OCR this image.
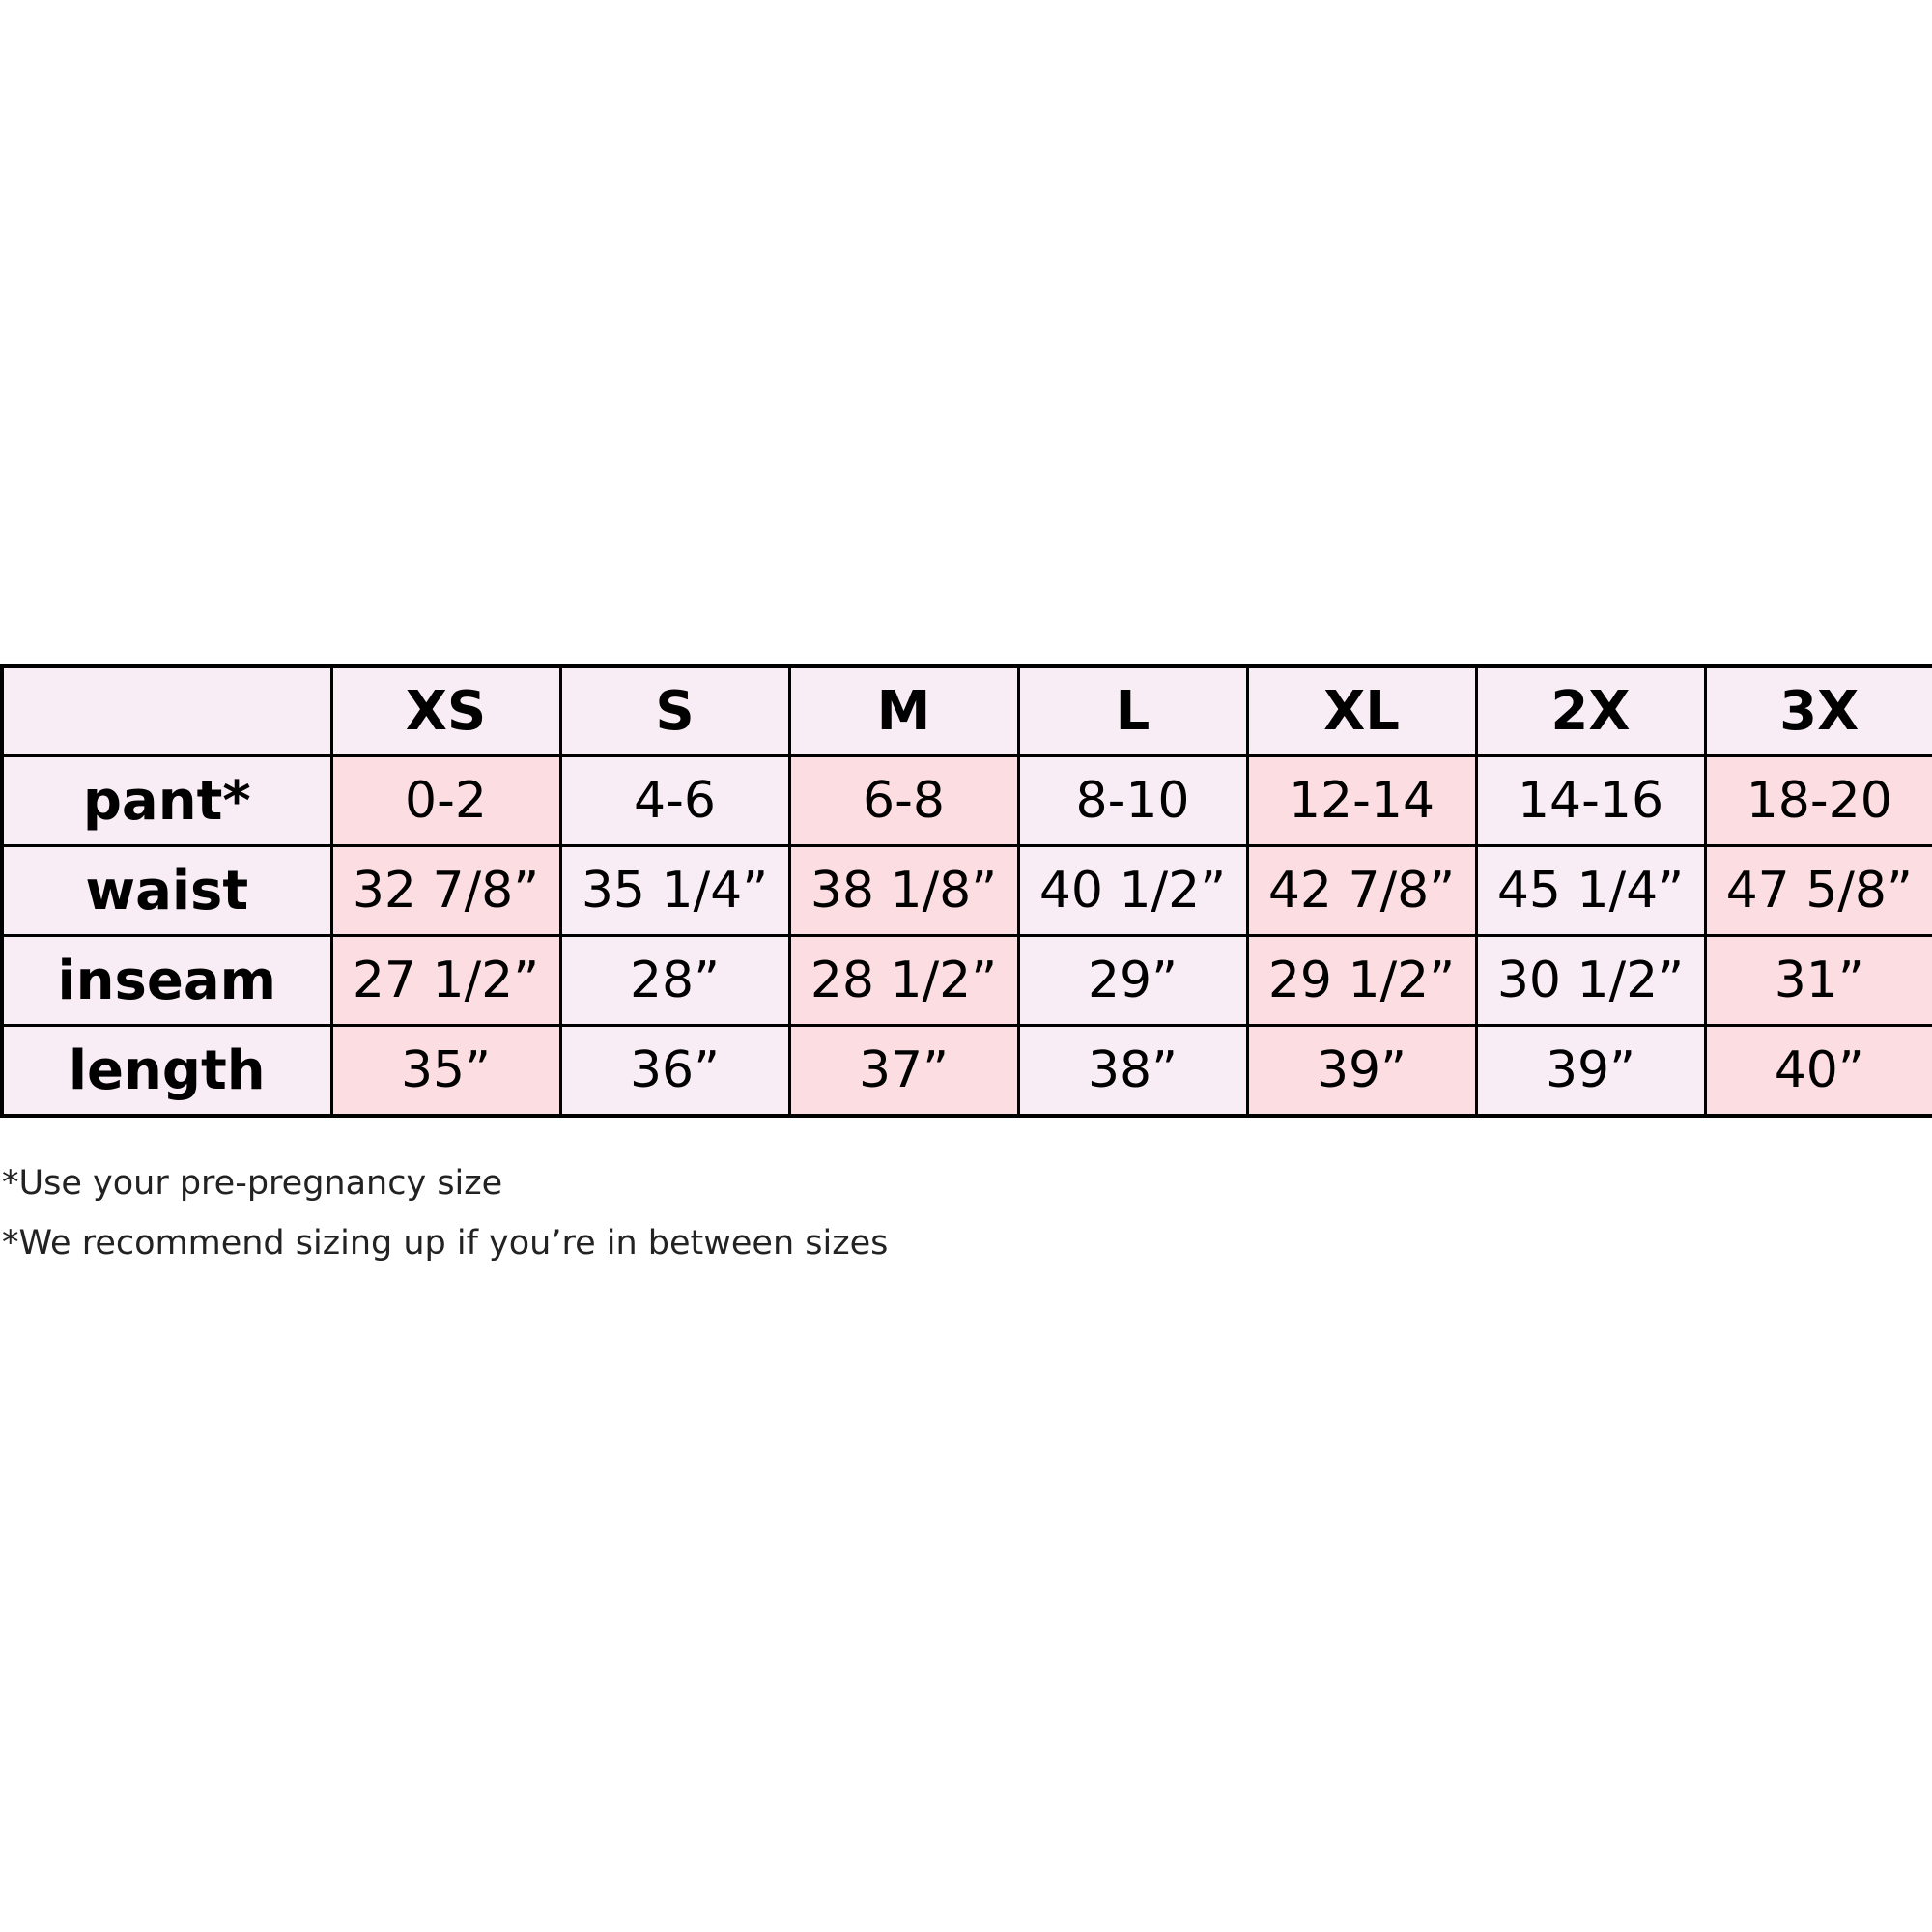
	XS	S	M	L	XL	2X	3X
pant*	0-2	4-6	6-8	8-10	12-14	14-16	18-20
waist	32 7/8”	35 1/4”	38 1/8”	40 1/2”	42 7/8”	45 1/4”	47 5/8”
inseam	27 1/2”	28”	28 1/2”	29”	29 1/2”	30 1/2”	31”
length	35”	36”	37”	38”	39”	39”	40”
*Use your pre-pregnancy size
*We recommend sizing up if you’re in between sizes
